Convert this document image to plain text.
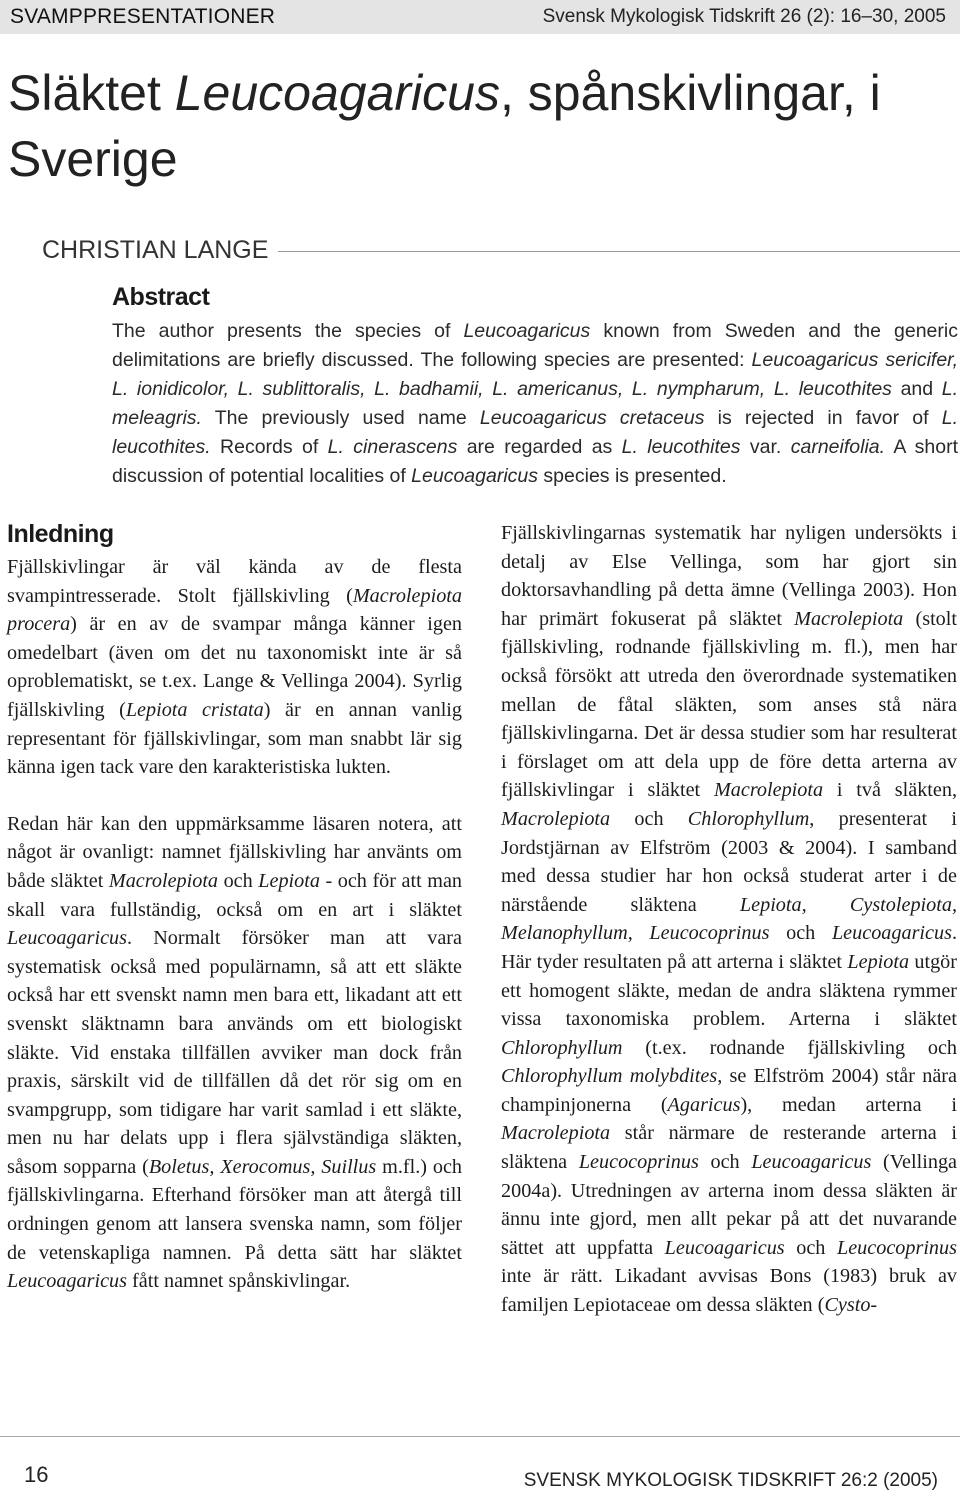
SVAMPPRESENTATIONER	Svensk Mykologisk Tidskrift 26 (2): 16–30, 2005
Släktet Leucoagaricus, spånskivlingar, i Sverige
CHRISTIAN LANGE
Abstract
The author presents the species of Leucoagaricus known from Sweden and the generic delimitations are briefly discussed. The following species are presented: Leucoagaricus sericifer, L. ionidicolor, L. sublittoralis, L. badhamii, L. americanus, L. nympharum, L. leucothites and L. meleagris. The previously used name Leucoagaricus cretaceus is rejected in favor of L. leucothites. Records of L. cinerascens are regarded as L. leucothites var. carneifolia. A short discussion of potential localities of Leucoagaricus species is presented.
Inledning

Fjällskivlingar är väl kända av de flesta svampintresserade. Stolt fjällskivling (Macrolepiota procera) är en av de svampar många känner igen omedelbart (även om det nu taxonomiskt inte är så oproblematiskt, se t.ex. Lange & Vellinga 2004). Syrlig fjällskivling (Lepiota cristata) är en annan vanlig representant för fjällskivlingar, som man snabbt lär sig känna igen tack vare den karakteristiska lukten.

Redan här kan den uppmärksamme läsaren notera, att något är ovanligt: namnet fjällskivling har använts om både släktet Macrolepiota och Lepiota - och för att man skall vara fullständig, också om en art i släktet Leucoagaricus. Normalt försöker man att vara systematisk också med populärnamn, så att ett släkte också har ett svenskt namn men bara ett, likadant att ett svenskt släktnamn bara används om ett biologiskt släkte. Vid enstaka tillfällen avviker man dock från praxis, särskilt vid de tillfällen då det rör sig om en svampgrupp, som tidigare har varit samlad i ett släkte, men nu har delats upp i flera självständiga släkten, såsom sopparna (Boletus, Xerocomus, Suillus m.fl.) och fjällskivlingarna. Efterhand försöker man att återgå till ordningen genom att lansera svenska namn, som följer de vetenskapliga namnen. På detta sätt har släktet Leucoagaricus fått namnet spånskivlingar.

Fjällskivlingarnas systematik har nyligen undersökts i detalj av Else Vellinga, som har gjort sin doktorsavhandling på detta ämne (Vellinga 2003). Hon har primärt fokuserat på släktet Macrolepiota (stolt fjällskivling, rodnande fjällskivling m. fl.), men har också försökt att utreda den överordnade systematiken mellan de fåtal släkten, som anses stå nära fjällskivlingarna. Det är dessa studier som har resulterat i förslaget om att dela upp de före detta arterna av fjällskivlingar i släktet Macrolepiota i två släkten, Macrolepiota och Chlorophyllum, presenterat i Jordstjärnan av Elfström (2003 & 2004). I samband med dessa studier har hon också studerat arter i de närstående släktena Lepiota, Cystolepiota, Melanophyllum, Leucocoprinus och Leucoagaricus. Här tyder resultaten på att arterna i släktet Lepiota utgör ett homogent släkte, medan de andra släktena rymmer vissa taxonomiska problem. Arterna i släktet Chlorophyllum (t.ex. rodnande fjällskivling och Chlorophyllum molybdites, se Elfström 2004) står nära champinjonerna (Agaricus), medan arterna i Macrolepiota står närmare de resterande arterna i släktena Leucocoprinus och Leucoagaricus (Vellinga 2004a). Utredningen av arterna inom dessa släkten är ännu inte gjord, men allt pekar på att det nuvarande sättet att uppfatta Leucoagaricus och Leucocoprinus inte är rätt. Likadant avvisas Bons (1983) bruk av familjen Lepiotaceae om dessa släkten (Cysto-

16	SVENSK MYKOLOGISK TIDSKRIFT 26:2 (2005)
